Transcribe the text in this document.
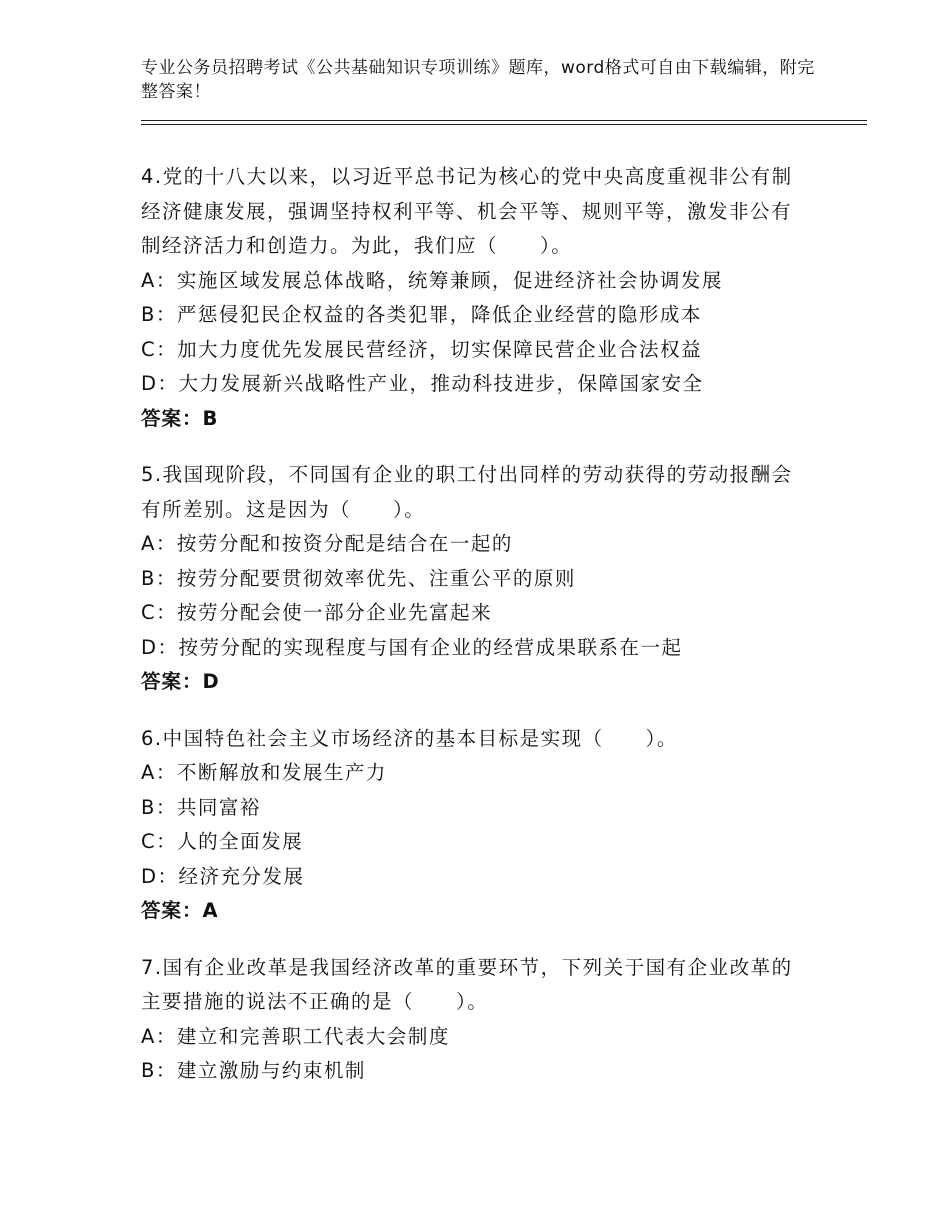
专业公务员招聘考试《公共基础知识专项训练》题库，word格式可自由下载编辑，附完整答案！

4.党的十八大以来，以习近平总书记为核心的党中央高度重视非公有制经济健康发展，强调坚持权利平等、机会平等、规则平等，激发非公有制经济活力和创造力。为此，我们应（　　）。

A：实施区域发展总体战略，统筹兼顾，促进经济社会协调发展

B：严惩侵犯民企权益的各类犯罪，降低企业经营的隐形成本

C：加大力度优先发展民营经济，切实保障民营企业合法权益

D：大力发展新兴战略性产业，推动科技进步，保障国家安全

答案：B

5.我国现阶段，不同国有企业的职工付出同样的劳动获得的劳动报酬会有所差别。这是因为（　　）。

A：按劳分配和按资分配是结合在一起的

B：按劳分配要贯彻效率优先、注重公平的原则

C：按劳分配会使一部分企业先富起来

D：按劳分配的实现程度与国有企业的经营成果联系在一起

答案：D

6.中国特色社会主义市场经济的基本目标是实现（　　）。

A：不断解放和发展生产力

B：共同富裕

C：人的全面发展

D：经济充分发展

答案：A

7.国有企业改革是我国经济改革的重要环节，下列关于国有企业改革的主要措施的说法不正确的是（　　）。

A：建立和完善职工代表大会制度

B：建立激励与约束机制
